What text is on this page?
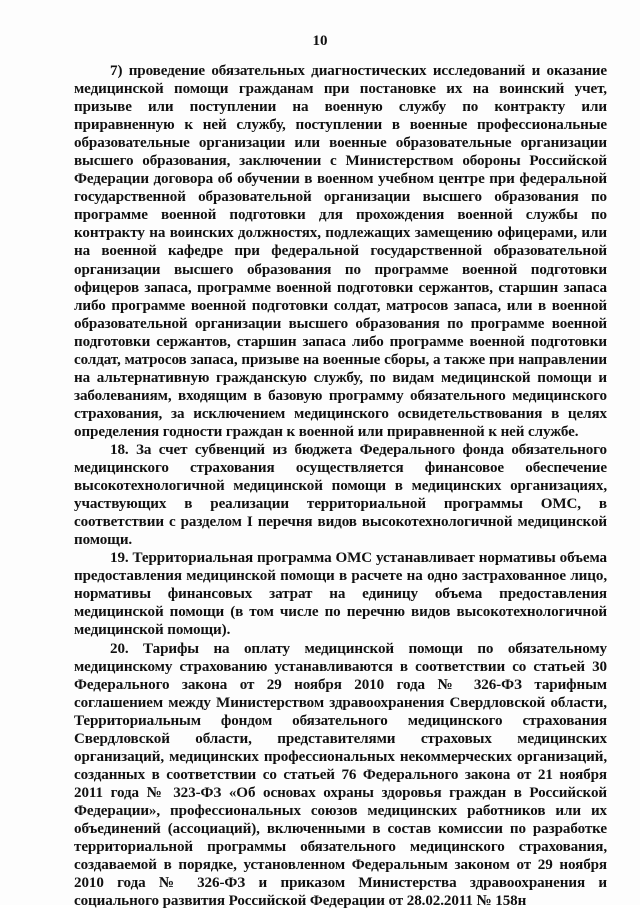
10

7) проведение обязательных диагностических исследований и оказание медицинской помощи гражданам при постановке их на воинский учет, призыве или поступлении на военную службу по контракту или приравненную к ней службу, поступлении в военные профессиональные образовательные организации или военные образовательные организации высшего образования, заключении с Министерством обороны Российской Федерации договора об обучении в военном учебном центре при федеральной государственной образовательной организации высшего образования по программе военной подготовки для прохождения военной службы по контракту на воинских должностях, подлежащих замещению офицерами, или на военной кафедре при федеральной государственной образовательной организации высшего образования по программе военной подготовки офицеров запаса, программе военной подготовки сержантов, старшин запаса либо программе военной подготовки солдат, матросов запаса, или в военной образовательной организации высшего образования по программе военной подготовки сержантов, старшин запаса либо программе военной подготовки солдат, матросов запаса, призыве на военные сборы, а также при направлении на альтернативную гражданскую службу, по видам медицинской помощи и заболеваниям, входящим в базовую программу обязательного медицинского страхования, за исключением медицинского освидетельствования в целях определения годности граждан к военной или приравненной к ней службе.

18. За счет субвенций из бюджета Федерального фонда обязательного медицинского страхования осуществляется финансовое обеспечение высокотехнологичной медицинской помощи в медицинских организациях, участвующих в реализации территориальной программы ОМС, в соответствии с разделом I перечня видов высокотехнологичной медицинской помощи.

19. Территориальная программа ОМС устанавливает нормативы объема предоставления медицинской помощи в расчете на одно застрахованное лицо, нормативы финансовых затрат на единицу объема предоставления медицинской помощи (в том числе по перечню видов высокотехнологичной медицинской помощи).

20. Тарифы на оплату медицинской помощи по обязательному медицинскому страхованию устанавливаются в соответствии со статьей 30 Федерального закона от 29 ноября 2010 года № 326-ФЗ тарифным соглашением между Министерством здравоохранения Свердловской области, Территориальным фондом обязательного медицинского страхования Свердловской области, представителями страховых медицинских организаций, медицинских профессиональных некоммерческих организаций, созданных в соответствии со статьей 76 Федерального закона от 21 ноября 2011 года № 323-ФЗ «Об основах охраны здоровья граждан в Российской Федерации», профессиональных союзов медицинских работников или их объединений (ассоциаций), включенными в состав комиссии по разработке территориальной программы обязательного медицинского страхования, создаваемой в порядке, установленном Федеральным законом от 29 ноября 2010 года № 326-ФЗ и приказом Министерства здравоохранения и социального развития Российской Федерации от 28.02.2011 № 158н
